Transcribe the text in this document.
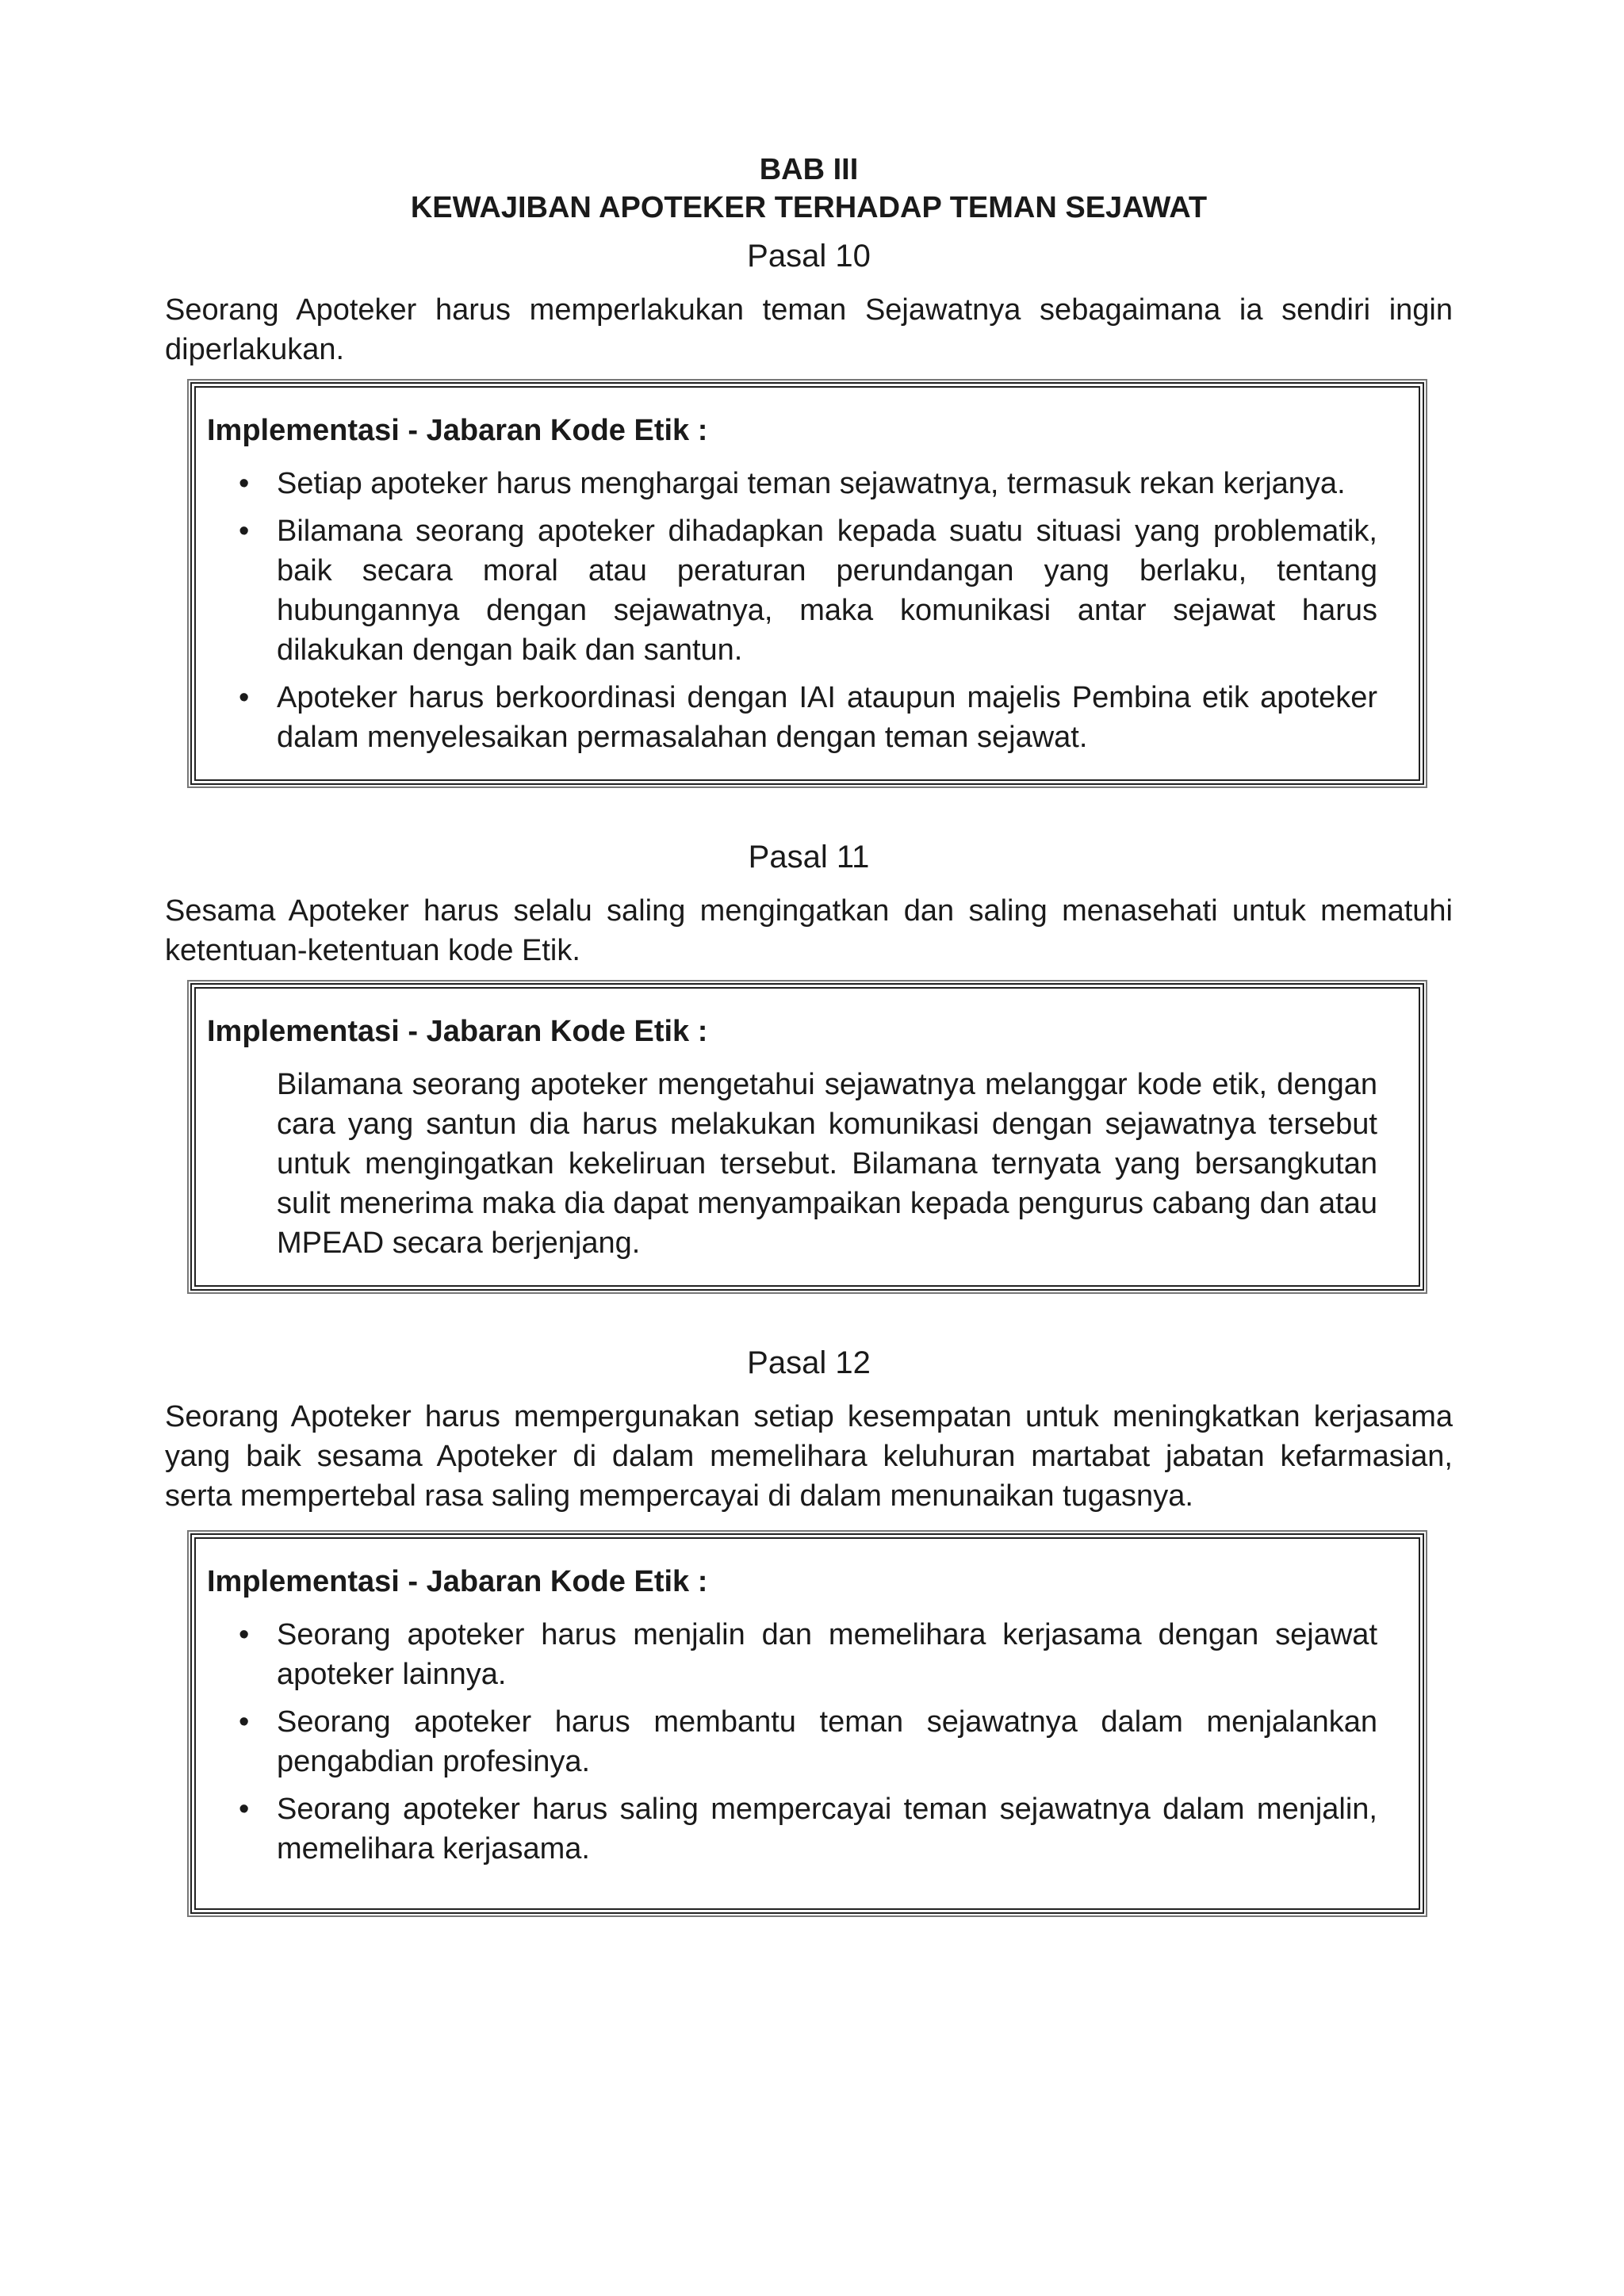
BAB III

KEWAJIBAN APOTEKER TERHADAP TEMAN SEJAWAT

Pasal 10

Seorang Apoteker harus memperlakukan teman Sejawatnya sebagaimana ia sendiri ingin diperlakukan.

Implementasi - Jabaran Kode Etik :

• Setiap apoteker harus menghargai teman sejawatnya, termasuk rekan kerjanya.
• Bilamana seorang apoteker dihadapkan kepada suatu situasi yang problematik, baik secara moral atau peraturan perundangan yang berlaku, tentang hubungannya dengan sejawatnya, maka komunikasi antar sejawat harus dilakukan dengan baik dan santun.
• Apoteker harus berkoordinasi dengan IAI ataupun majelis Pembina etik apoteker dalam menyelesaikan permasalahan dengan teman sejawat.

Pasal 11

Sesama Apoteker harus selalu saling mengingatkan dan saling menasehati untuk mematuhi ketentuan-ketentuan kode Etik.

Implementasi - Jabaran Kode Etik :

Bilamana seorang apoteker mengetahui sejawatnya melanggar kode etik, dengan cara yang santun dia harus melakukan komunikasi dengan sejawatnya tersebut untuk mengingatkan kekeliruan tersebut. Bilamana ternyata yang bersangkutan sulit menerima maka dia dapat menyampaikan kepada pengurus cabang dan atau MPEAD secara berjenjang.

Pasal 12

Seorang Apoteker harus mempergunakan setiap kesempatan untuk meningkatkan kerjasama yang baik sesama Apoteker di dalam memelihara keluhuran martabat jabatan kefarmasian, serta mempertebal rasa saling mempercayai di dalam menunaikan tugasnya.

Implementasi - Jabaran Kode Etik :

• Seorang apoteker harus menjalin dan memelihara kerjasama dengan sejawat apoteker lainnya.
• Seorang apoteker harus membantu teman sejawatnya dalam menjalankan pengabdian profesinya.
• Seorang apoteker harus saling mempercayai teman sejawatnya dalam menjalin, memelihara kerjasama.
